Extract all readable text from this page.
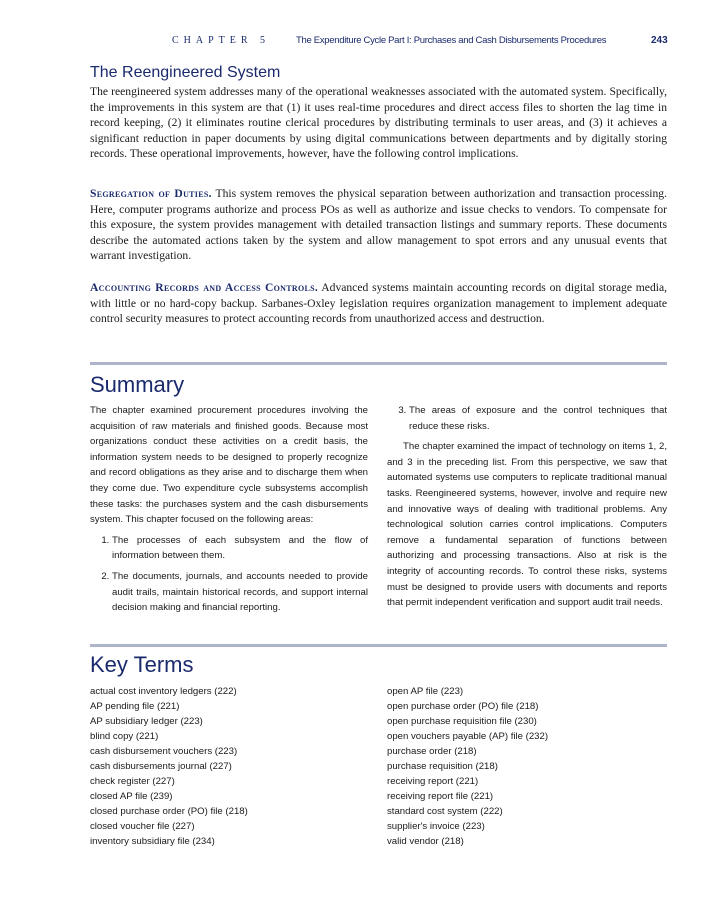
CHAPTER 5	The Expenditure Cycle Part I: Purchases and Cash Disbursements Procedures	243
The Reengineered System

The reengineered system addresses many of the operational weaknesses associated with the automated system. Specifically, the improvements in this system are that (1) it uses real-time procedures and direct access files to shorten the lag time in record keeping, (2) it eliminates routine clerical procedures by distributing terminals to user areas, and (3) it achieves a significant reduction in paper documents by using digital communications between departments and by digitally storing records. These operational improvements, however, have the following control implications.

Segregation of Duties. This system removes the physical separation between authorization and transaction processing. Here, computer programs authorize and process POs as well as authorize and issue checks to vendors. To compensate for this exposure, the system provides management with detailed transaction listings and summary reports. These documents describe the automated actions taken by the system and allow management to spot errors and any unusual events that warrant investigation.

Accounting Records and Access Controls. Advanced systems maintain accounting records on digital storage media, with little or no hard-copy backup. Sarbanes-Oxley legislation requires organization management to implement adequate control security measures to protect accounting records from unauthorized access and destruction.

Summary

The chapter examined procurement procedures involving the acquisition of raw materials and finished goods. Because most organizations conduct these activities on a credit basis, the information system needs to be designed to properly recognize and record obligations as they arise and to discharge them when they come due. Two expenditure cycle subsystems accomplish these tasks: the purchases system and the cash disbursements system. This chapter focused on the following areas:

1. The processes of each subsystem and the flow of information between them.
2. The documents, journals, and accounts needed to provide audit trails, maintain historical records, and support internal decision making and financial reporting.
3. The areas of exposure and the control techniques that reduce these risks.

The chapter examined the impact of technology on items 1, 2, and 3 in the preceding list. From this perspective, we saw that automated systems use computers to replicate traditional manual tasks. Reengineered systems, however, involve and require new and innovative ways of dealing with traditional problems. Any technological solution carries control implications. Computers remove a fundamental separation of functions between authorizing and processing transactions. Also at risk is the integrity of accounting records. To control these risks, systems must be designed to provide users with documents and reports that permit independent verification and support audit trail needs.

Key Terms
actual cost inventory ledgers (222)
AP pending file (221)
AP subsidiary ledger (223)
blind copy (221)
cash disbursement vouchers (223)
cash disbursements journal (227)
check register (227)
closed AP file (239)
closed purchase order (PO) file (218)
closed voucher file (227)
inventory subsidiary file (234)
open AP file (223)
open purchase order (PO) file (218)
open purchase requisition file (230)
open vouchers payable (AP) file (232)
purchase order (218)
purchase requisition (218)
receiving report (221)
receiving report file (221)
standard cost system (222)
supplier's invoice (223)
valid vendor (218)
